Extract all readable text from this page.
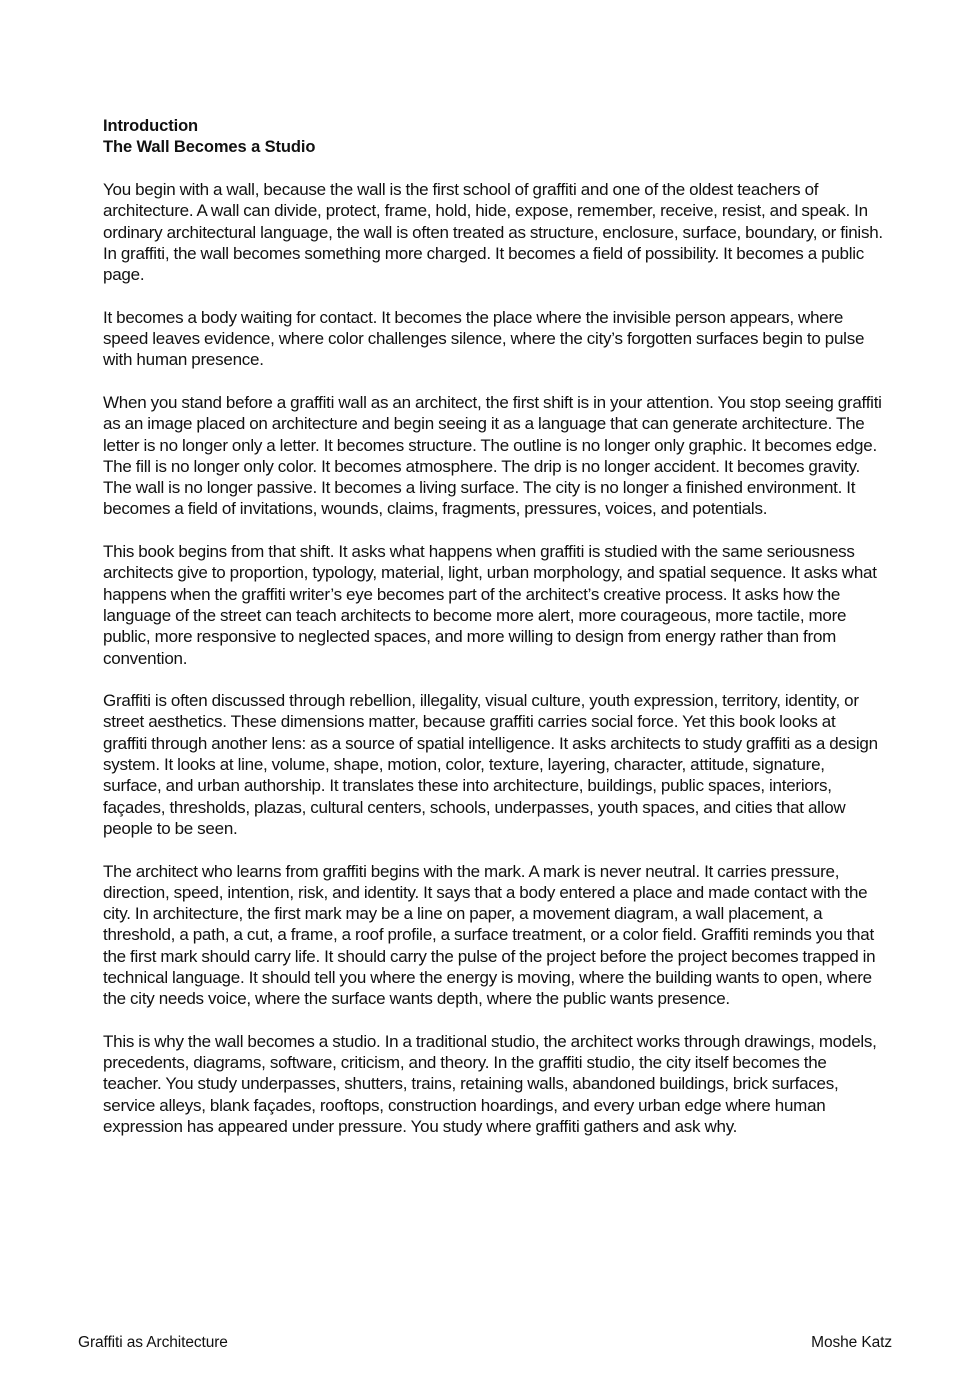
Introduction

The Wall Becomes a Studio

You begin with a wall, because the wall is the first school of graffiti and one of the oldest teachers of architecture. A wall can divide, protect, frame, hold, hide, expose, remember, receive, resist, and speak. In ordinary architectural language, the wall is often treated as structure, enclosure, surface, boundary, or finish. In graffiti, the wall becomes something more charged. It becomes a field of possibility. It becomes a public page.

It becomes a body waiting for contact. It becomes the place where the invisible person appears, where speed leaves evidence, where color challenges silence, where the city’s forgotten surfaces begin to pulse with human presence.

When you stand before a graffiti wall as an architect, the first shift is in your attention. You stop seeing graffiti as an image placed on architecture and begin seeing it as a language that can generate architecture. The letter is no longer only a letter. It becomes structure. The outline is no longer only graphic. It becomes edge. The fill is no longer only color. It becomes atmosphere. The drip is no longer accident. It becomes gravity. The wall is no longer passive. It becomes a living surface. The city is no longer a finished environment. It becomes a field of invitations, wounds, claims, fragments, pressures, voices, and potentials.

This book begins from that shift. It asks what happens when graffiti is studied with the same seriousness architects give to proportion, typology, material, light, urban morphology, and spatial sequence. It asks what happens when the graffiti writer’s eye becomes part of the architect’s creative process. It asks how the language of the street can teach architects to become more alert, more courageous, more tactile, more public, more responsive to neglected spaces, and more willing to design from energy rather than from convention.

Graffiti is often discussed through rebellion, illegality, visual culture, youth expression, territory, identity, or street aesthetics. These dimensions matter, because graffiti carries social force. Yet this book looks at graffiti through another lens: as a source of spatial intelligence. It asks architects to study graffiti as a design system. It looks at line, volume, shape, motion, color, texture, layering, character, attitude, signature, surface, and urban authorship. It translates these into architecture, buildings, public spaces, interiors, façades, thresholds, plazas, cultural centers, schools, underpasses, youth spaces, and cities that allow people to be seen.

The architect who learns from graffiti begins with the mark. A mark is never neutral. It carries pressure, direction, speed, intention, risk, and identity. It says that a body entered a place and made contact with the city. In architecture, the first mark may be a line on paper, a movement diagram, a wall placement, a threshold, a path, a cut, a frame, a roof profile, a surface treatment, or a color field. Graffiti reminds you that the first mark should carry life. It should carry the pulse of the project before the project becomes trapped in technical language. It should tell you where the energy is moving, where the building wants to open, where the city needs voice, where the surface wants depth, where the public wants presence.

This is why the wall becomes a studio. In a traditional studio, the architect works through drawings, models, precedents, diagrams, software, criticism, and theory. In the graffiti studio, the city itself becomes the teacher. You study underpasses, shutters, trains, retaining walls, abandoned buildings, brick surfaces, service alleys, blank façades, rooftops, construction hoardings, and every urban edge where human expression has appeared under pressure. You study where graffiti gathers and ask why.

Graffiti as Architecture	Moshe Katz
